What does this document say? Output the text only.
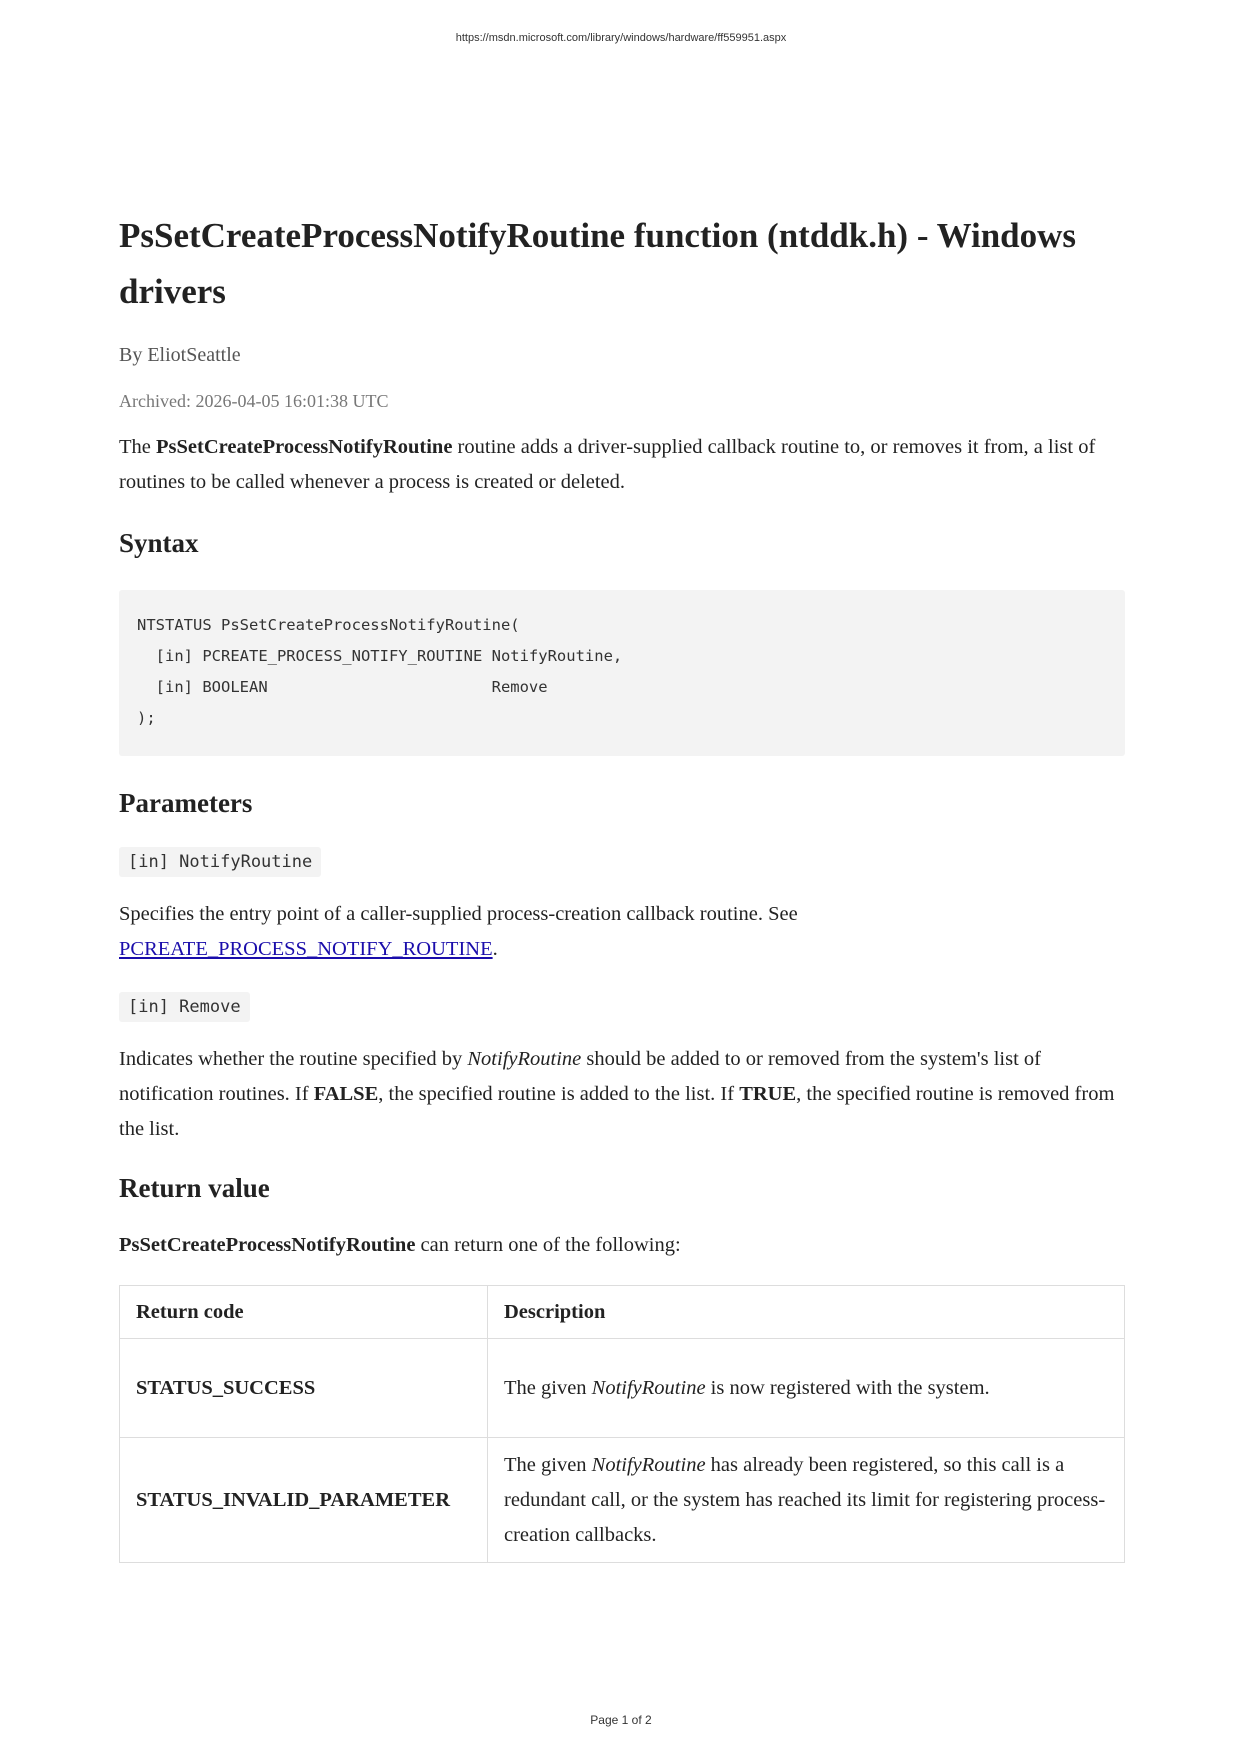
https://msdn.microsoft.com/library/windows/hardware/ff559951.aspx
PsSetCreateProcessNotifyRoutine function (ntddk.h) - Windows drivers
By EliotSeattle
Archived: 2026-04-05 16:01:38 UTC

The PsSetCreateProcessNotifyRoutine routine adds a driver-supplied callback routine to, or removes it from, a list of routines to be called whenever a process is created or deleted.

Syntax
NTSTATUS PsSetCreateProcessNotifyRoutine(
[in] PCREATE_PROCESS_NOTIFY_ROUTINE NotifyRoutine,
[in] BOOLEAN                        Remove
);
Parameters
[in] NotifyRoutine

Specifies the entry point of a caller-supplied process-creation callback routine. See
PCREATE_PROCESS_NOTIFY_ROUTINE.

[in] Remove

Indicates whether the routine specified by NotifyRoutine should be added to or removed from the system's list of notification routines. If FALSE, the specified routine is added to the list. If TRUE, the specified routine is removed from the list.

Return value

PsSetCreateProcessNotifyRoutine can return one of the following:

Return code	Description
STATUS_SUCCESS	The given NotifyRoutine is now registered with the system.
STATUS_INVALID_PARAMETER	The given NotifyRoutine has already been registered, so this call is a redundant call, or the system has reached its limit for registering process-creation callbacks.
Page 1 of 2
